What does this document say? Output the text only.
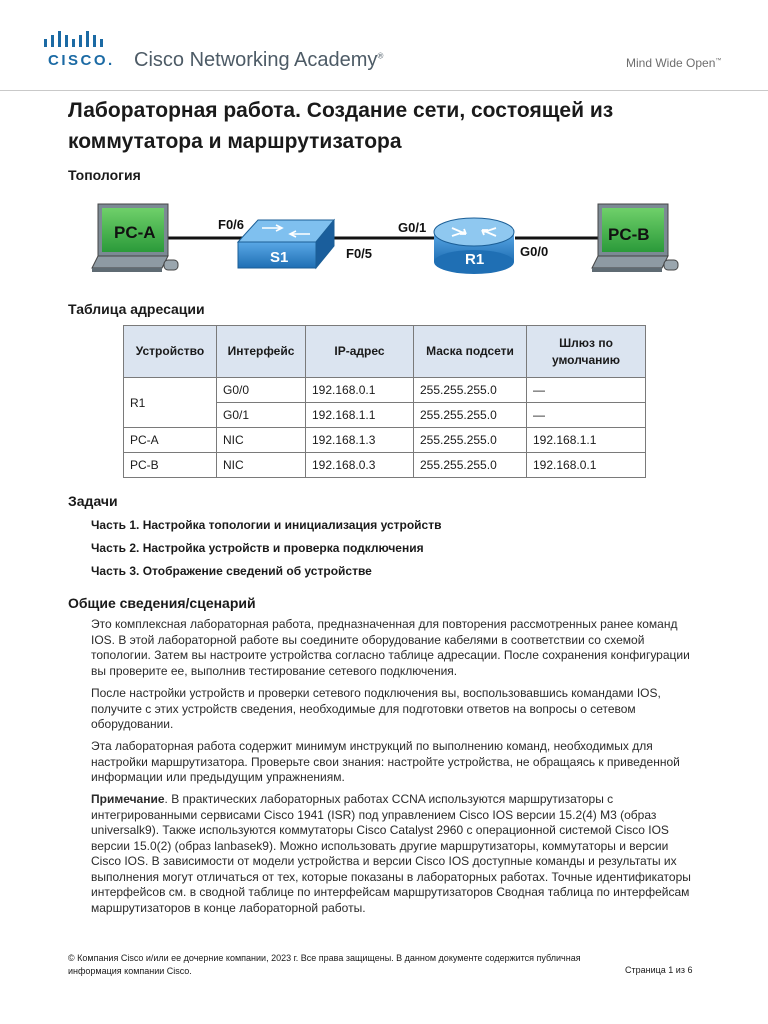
CISCO. Cisco Networking Academy®
Mind Wide Open™
Лабораторная работа. Создание сети, состоящей из коммутатора и маршрутизатора
Топология
PC-A
S1	R1
PC-B
F0/6
F0/5
G0/1
G0/0
Таблица адресации
Устройство	Интерфейс	IP-адрес	Маска подсети	Шлюз по умолчанию
R1	G0/0	192.168.0.1	255.255.255.0	—
	G0/1	192.168.1.1	255.255.255.0	—
PC-A	NIC	192.168.1.3	255.255.255.0	192.168.1.1
PC-B	NIC	192.168.0.3	255.255.255.0	192.168.0.1
Задачи
Часть 1. Настройка топологии и инициализация устройств
Часть 2. Настройка устройств и проверка подключения
Часть 3. Отображение сведений об устройстве
Общие сведения/сценарий
Это комплексная лабораторная работа, предназначенная для повторения рассмотренных ранее команд IOS. В этой лабораторной работе вы соедините оборудование кабелями в соответствии со схемой топологии. Затем вы настроите устройства согласно таблице адресации. После сохранения конфигурации вы проверите ее, выполнив тестирование сетевого подключения.
После настройки устройств и проверки сетевого подключения вы, воспользовавшись командами IOS, получите с этих устройств сведения, необходимые для подготовки ответов на вопросы о сетевом оборудовании.
Эта лабораторная работа содержит минимум инструкций по выполнению команд, необходимых для настройки маршрутизатора. Проверьте свои знания: настройте устройства, не обращаясь к приведенной информации или предыдущим упражнениям.
Примечание. В практических лабораторных работах CCNA используются маршрутизаторы с интегрированными сервисами Cisco 1941 (ISR) под управлением Cisco IOS версии 15.2(4) M3 (образ universalk9). Также используются коммутаторы Cisco Catalyst 2960 с операционной системой Cisco IOS версии 15.0(2) (образ lanbasek9). Можно использовать другие маршрутизаторы, коммутаторы и версии Cisco IOS. В зависимости от модели устройства и версии Cisco IOS доступные команды и результаты их выполнения могут отличаться от тех, которые показаны в лабораторных работах. Точные идентификаторы интерфейсов см. в сводной таблице по интерфейсам маршрутизаторов Сводная таблица по интерфейсам маршрутизаторов в конце лабораторной работы.
© Компания Cisco и/или ее дочерние компании, 2023 г. Все права защищены. В данном документе содержится публичная информация компании Cisco.	Страница 1 из 6
